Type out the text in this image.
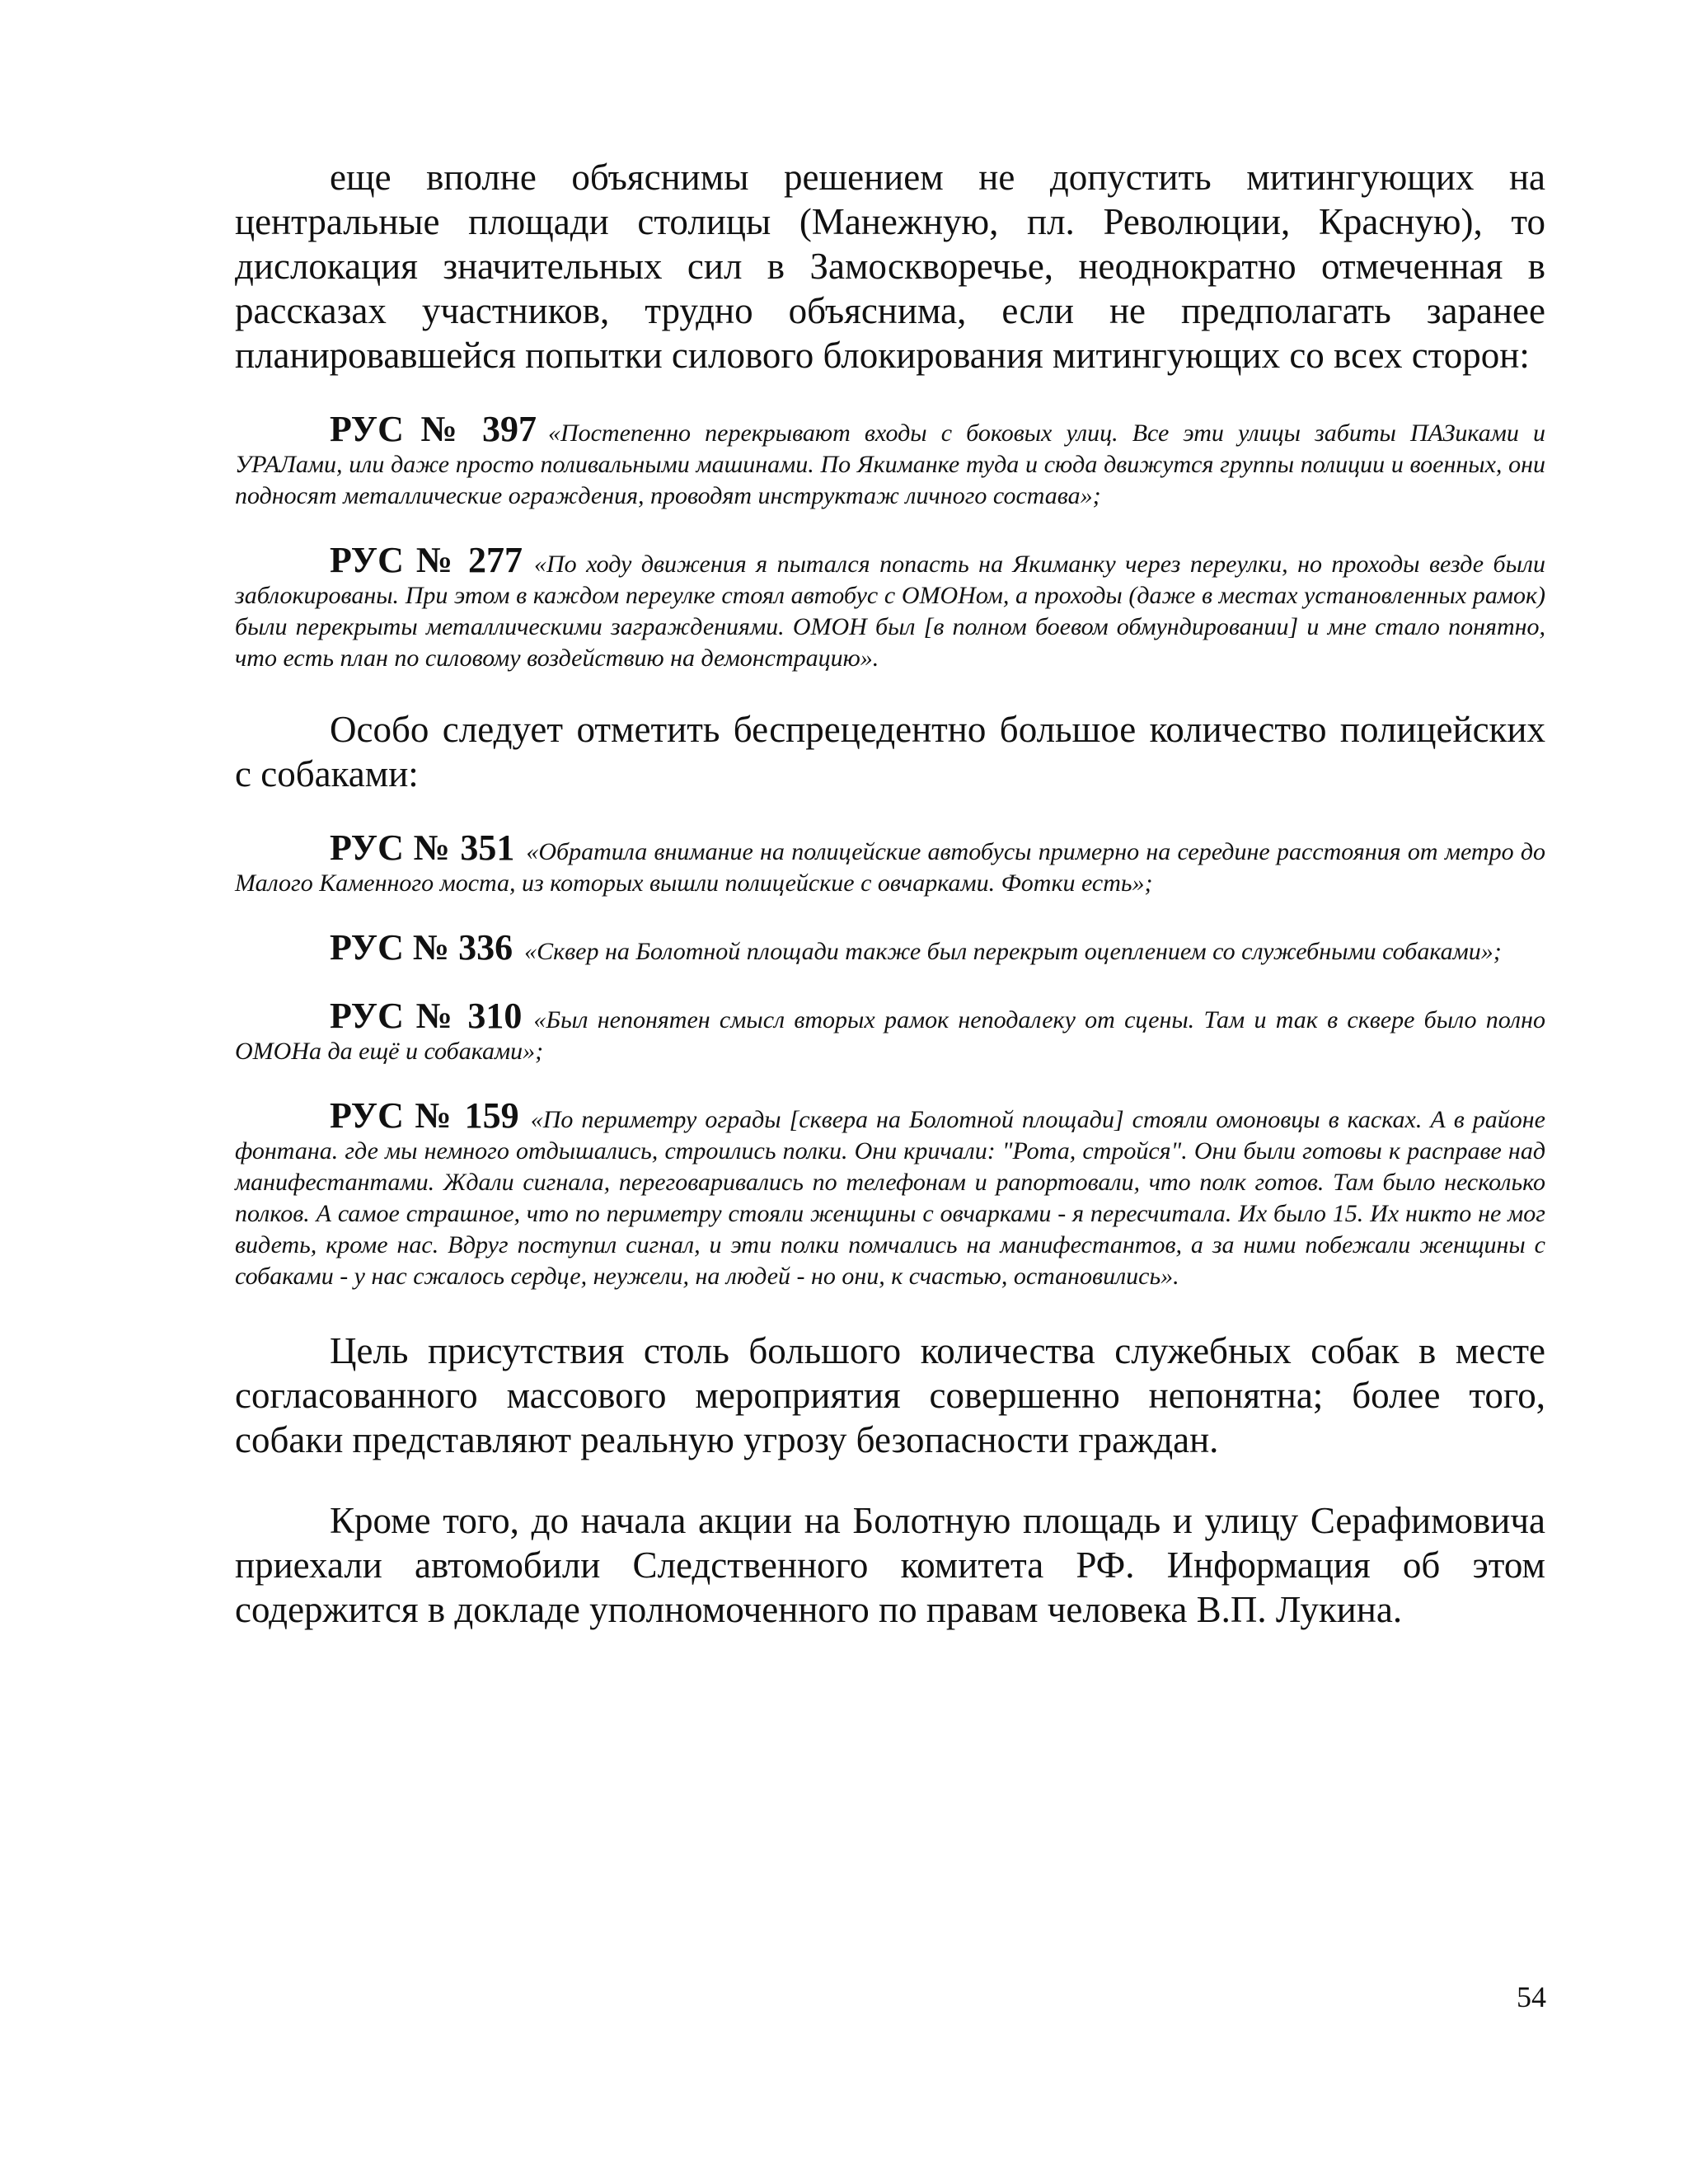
еще вполне объяснимы решением не допустить митингующих на центральные площади столицы (Манежную, пл. Революции, Красную), то дислокация значительных сил в Замоскворечье, неоднократно отмеченная в рассказах участников, трудно объяснима, если не предполагать заранее планировавшейся попытки силового блокирования митингующих со всех сторон:

РУС № 397 «Постепенно перекрывают входы с боковых улиц. Все эти улицы забиты ПАЗиками и УРАЛами, или даже просто поливальными машинами. По Якиманке туда и сюда движутся группы полиции и военных, они подносят металлические ограждения, проводят инструктаж личного состава»;

РУС № 277 «По ходу движения я пытался попасть на Якиманку через переулки, но проходы везде были заблокированы. При этом в каждом переулке стоял автобус с ОМОНом, а проходы (даже в местах установленных рамок) были перекрыты металлическими заграждениями. ОМОН был [в полном боевом обмундировании] и мне стало понятно, что есть план по силовому воздействию на демонстрацию».

Особо следует отметить беспрецедентно большое количество полицейских с собаками:

РУС № 351 «Обратила внимание на полицейские автобусы примерно на середине расстояния от метро до Малого Каменного моста, из которых вышли полицейские с овчарками. Фотки есть»;

РУС № 336 «Сквер на Болотной площади также был перекрыт оцеплением со служебными собаками»;

РУС № 310 «Был непонятен смысл вторых рамок неподалеку от сцены. Там и так в сквере было полно ОМОНа да ещё и собаками»;

РУС № 159 «По периметру ограды [сквера на Болотной площади] стояли омоновцы в касках. А в районе фонтана. где мы немного отдышались, строились полки. Они кричали: "Рота, стройся". Они были готовы к расправе над манифестантами. Ждали сигнала, переговаривались по телефонам и рапортовали, что полк готов. Там было несколько полков. А самое страшное, что по периметру стояли женщины с овчарками - я пересчитала. Их было 15. Их никто не мог видеть, кроме нас. Вдруг поступил сигнал, и эти полки помчались на манифестантов, а за ними побежали женщины с собаками - у нас сжалось сердце, неужели, на людей - но они, к счастью, остановились».

Цель присутствия столь большого количества служебных собак в месте согласованного массового мероприятия совершенно непонятна; более того, собаки представляют реальную угрозу безопасности граждан.

Кроме того, до начала акции на Болотную площадь и улицу Серафимовича приехали автомобили Следственного комитета РФ. Информация об этом содержится в докладе уполномоченного по правам человека В.П. Лукина.

54
